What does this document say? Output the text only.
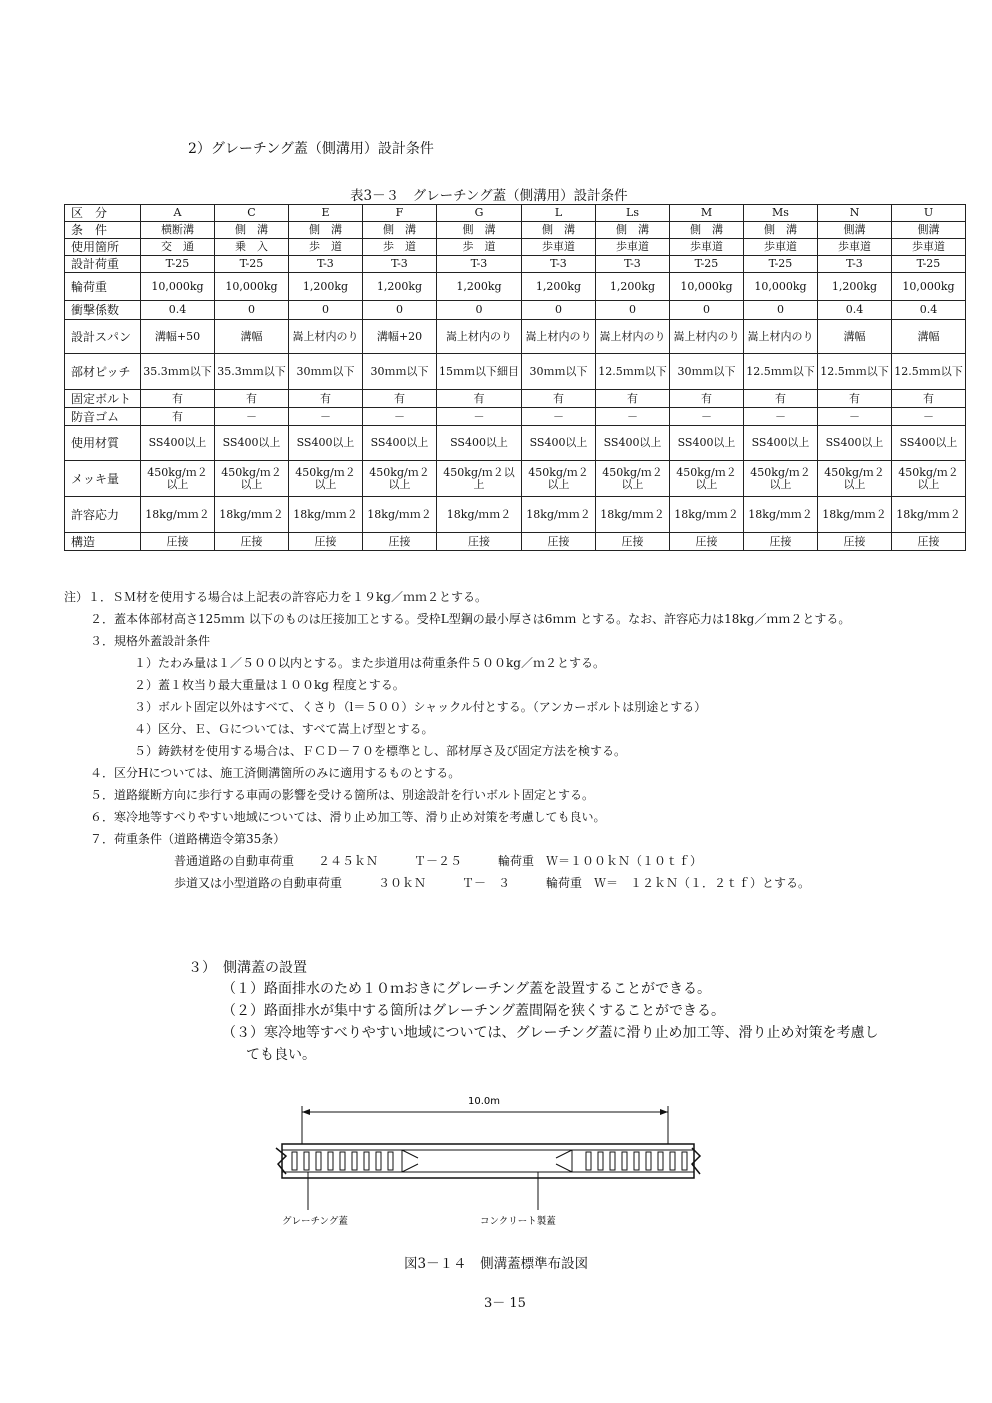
2）グレーチング蓋（側溝用）設計条件
表3－３　グレーチング蓋（側溝用）設計条件
区　分	A	C	E	F	G	L	Ls	M	Ms	N	U
条　件	横断溝	側　溝	側　溝	側　溝	側　溝	側　溝	側　溝	側　溝	側　溝	側溝	側溝
使用箇所	交　通	乗　入	歩　道	歩　道	歩　道	歩車道	歩車道	歩車道	歩車道	歩車道	歩車道
設計荷重	T-25	T-25	T-3	T-3	T-3	T-3	T-3	T-25	T-25	T-3	T-25
輪荷重	10,000kg	10,000kg	1,200kg	1,200kg	1,200kg	1,200kg	1,200kg	10,000kg	10,000kg	1,200kg	10,000kg
衝撃係数	0.4	0	0	0	0	0	0	0	0	0.4	0.4
設計スパン	溝幅+50	溝幅	嵩上材内のり	溝幅+20	嵩上材内のり	嵩上材内のり	嵩上材内のり	嵩上材内のり	嵩上材内のり	溝幅	溝幅
部材ピッチ	35.3ｍｍ以下	35.3ｍｍ以下	30ｍｍ以下	30ｍｍ以下	15ｍｍ以下細目	30ｍｍ以下	12.5ｍｍ以下	30ｍｍ以下	12.5ｍｍ以下	12.5ｍｍ以下	12.5ｍｍ以下
固定ボルト	有	有	有	有	有	有	有	有	有	有	有
防音ゴム	有	－	－	－	－	－	－	－	－	－	－
使用材質	SS400以上	SS400以上	SS400以上	SS400以上	SS400以上	SS400以上	SS400以上	SS400以上	SS400以上	SS400以上	SS400以上
メッキ量	450kg/ｍ２以上	450kg/ｍ２以上	450kg/ｍ２以上	450kg/ｍ２以上	450kg/ｍ２以上	450kg/ｍ２以上	450kg/ｍ２以上	450kg/ｍ２以上	450kg/ｍ２以上	450kg/ｍ２以上	450kg/ｍ２以上
許容応力	18kg/ｍｍ２	18kg/ｍｍ２	18kg/ｍｍ２	18kg/ｍｍ２	18kg/ｍｍ２	18kg/ｍｍ２	18kg/ｍｍ２	18kg/ｍｍ２	18kg/ｍｍ２	18kg/ｍｍ２	18kg/ｍｍ２
構造	圧接	圧接	圧接	圧接	圧接	圧接	圧接	圧接	圧接	圧接	圧接
注）１．ＳＭ材を使用する場合は上記表の許容応力を１９kg／ｍｍ２とする。
２．蓋本体部材高さ125ｍｍ 以下のものは圧接加工とする。受枠L型鋼の最小厚さは6ｍｍ とする。なお、許容応力は18kg／ｍｍ２とする。
３．規格外蓋設計条件
１）たわみ量は１／５００以内とする。また歩道用は荷重条件５００kg／ｍ２とする。
２）蓋１枚当り最大重量は１００kg 程度とする。
３）ボルト固定以外はすべて、くさり（l＝５００）シャックル付とする。（アンカーボルトは別途とする）
４）区分、Ｅ、Ｇについては、すべて嵩上げ型とする。
５）鋳鉄材を使用する場合は、ＦＣＤ－７０を標準とし、部材厚さ及び固定方法を検する。
４．区分Hについては、施工済側溝箇所のみに適用するものとする。
５．道路縦断方向に歩行する車両の影響を受ける箇所は、別途設計を行いボルト固定とする。
６．寒冷地等すべりやすい地域については、滑り止め加工等、滑り止め対策を考慮しても良い。
７．荷重条件（道路構造令第35条）
普通道路の自動車荷重　　２４５ｋＮ　　　Ｔ－２５　　　輪荷重　Ｗ＝１００ｋＮ（１０ｔｆ）
歩道又は小型道路の自動車荷重　　　３０ｋＮ　　　Ｔ－　３　　　輪荷重　Ｗ＝　１２ｋＮ（１．２ｔｆ）とする。
３）　側溝蓋の設置
（１）路面排水のため１０ｍおきにグレーチング蓋を設置することができる。
（２）路面排水が集中する箇所はグレーチング蓋間隔を狭くすることができる。
（３）寒冷地等すべりやすい地域については、グレーチング蓋に滑り止め加工等、滑り止め対策を考慮し
ても良い。
10.0m
グレーチング蓋	コンクリート製蓋
図3－１４　側溝蓋標準布設図
3－ 15
